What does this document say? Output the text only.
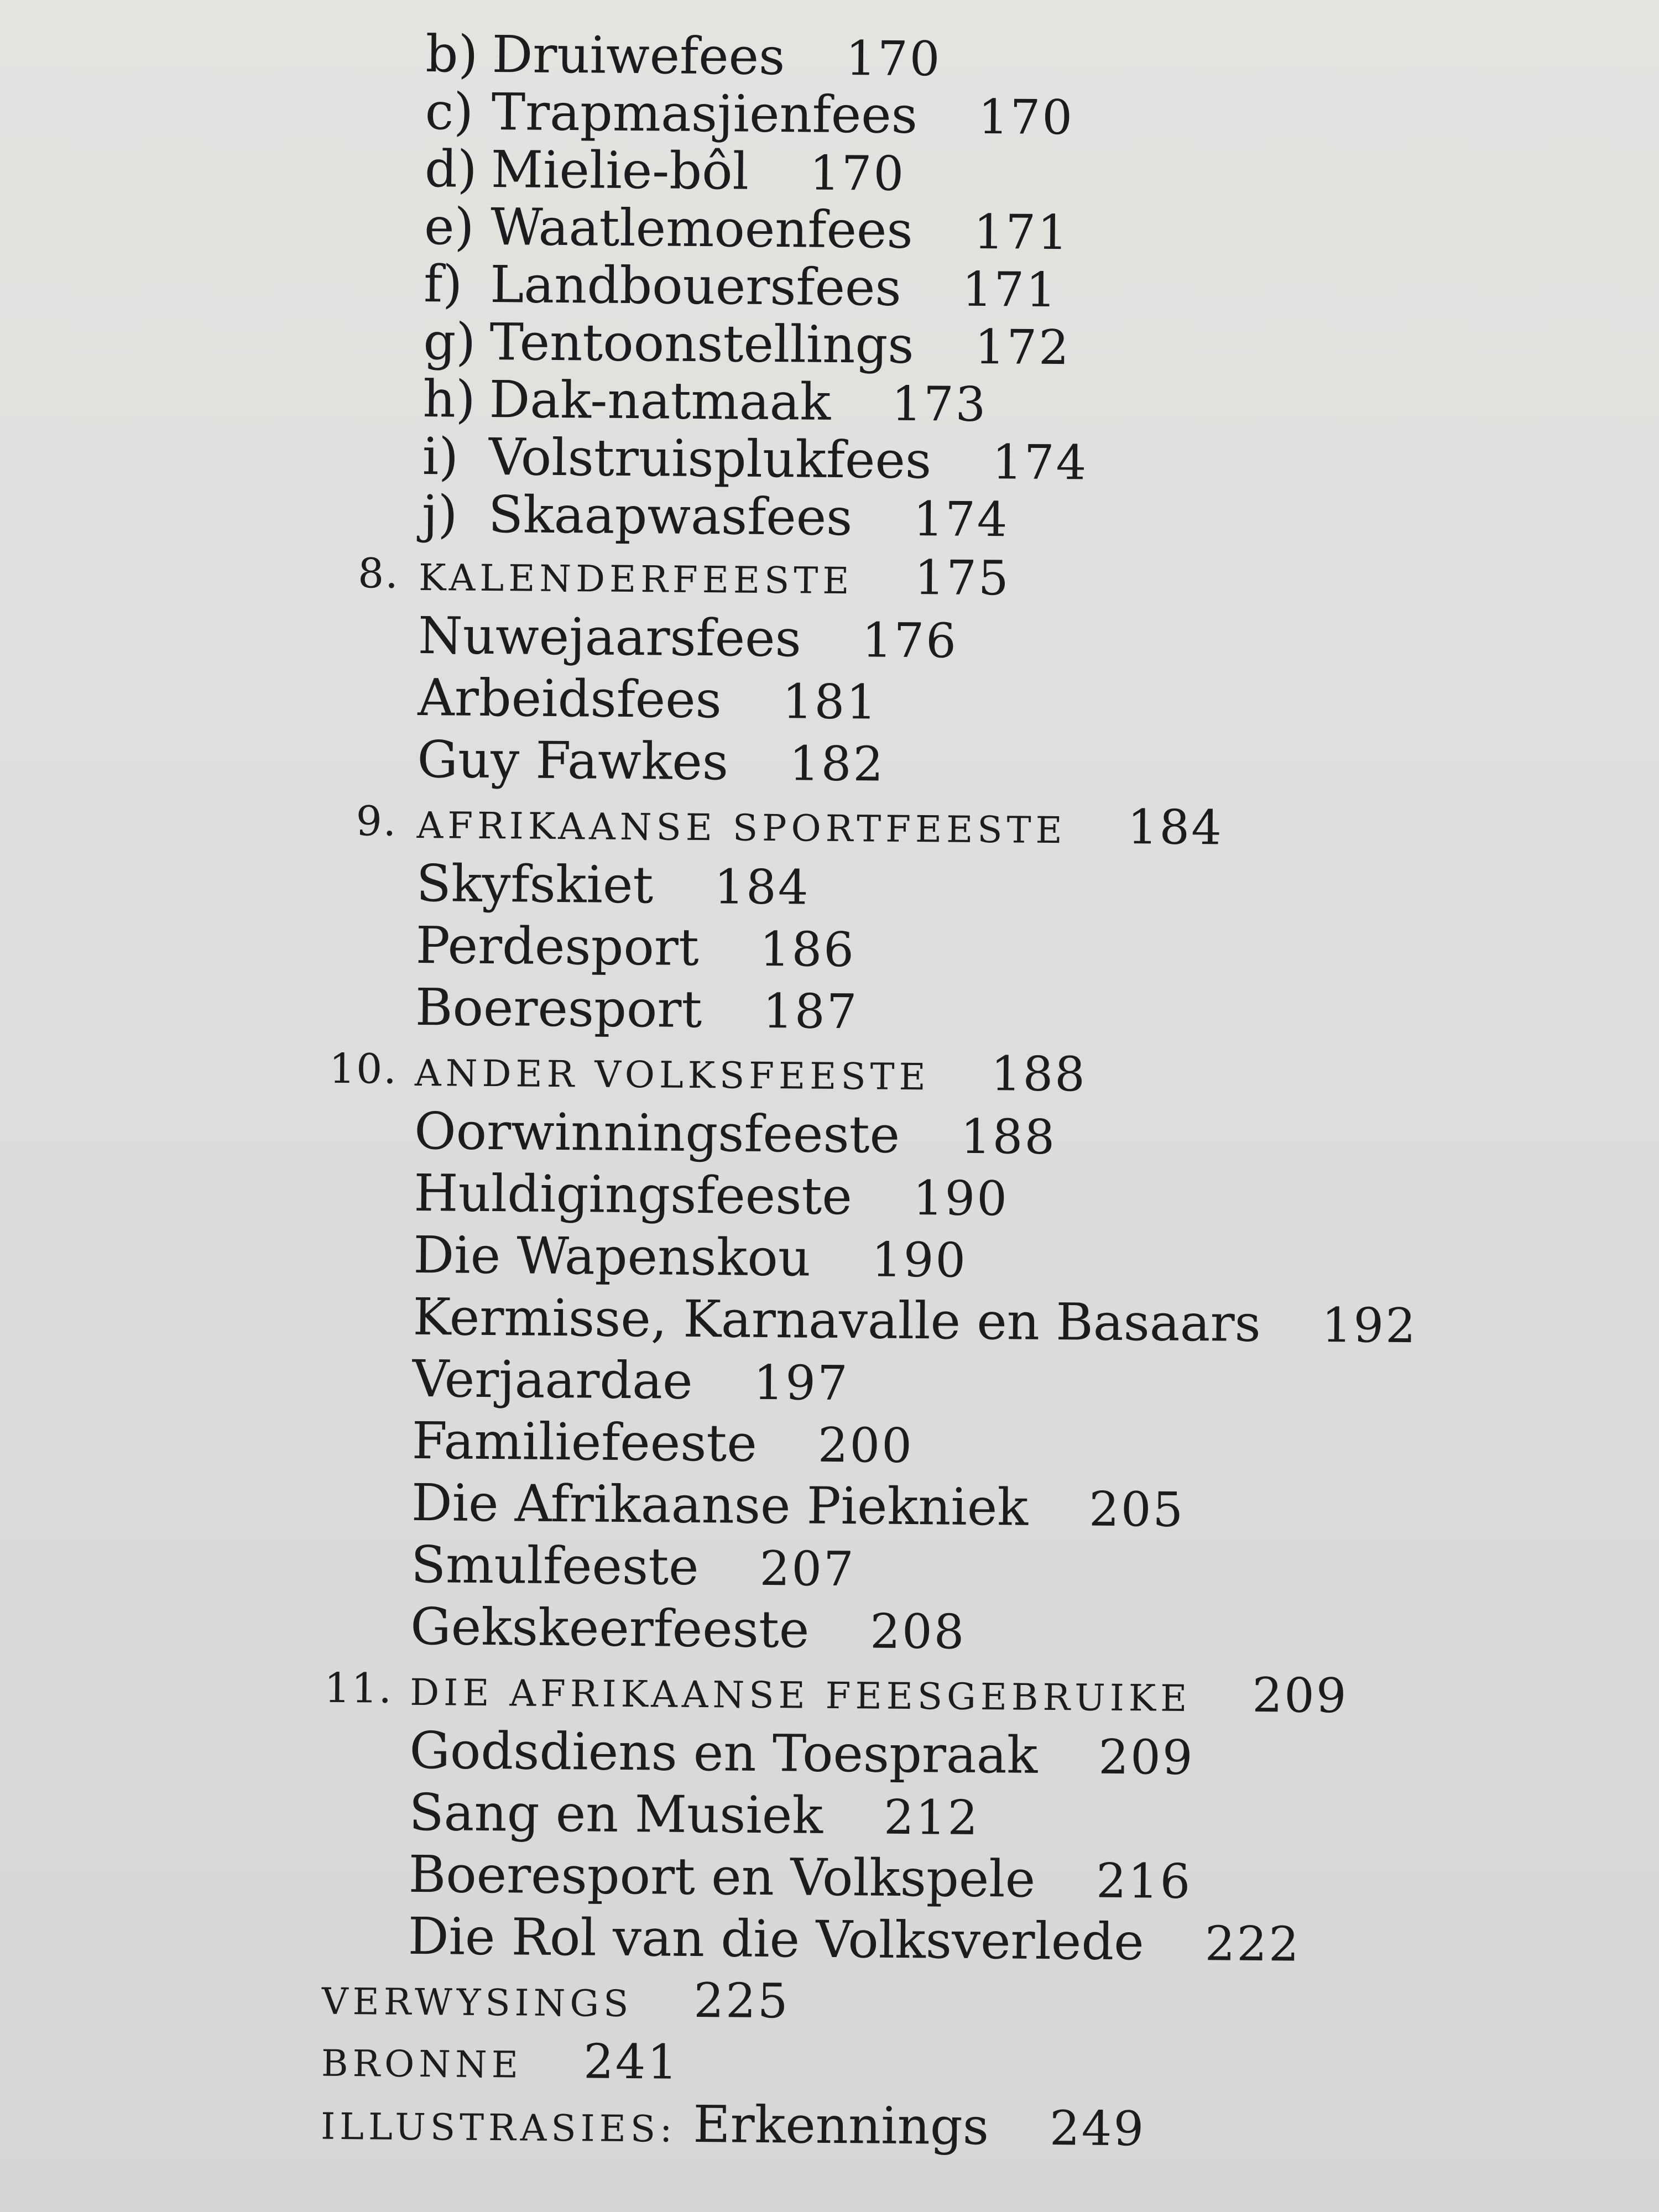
b) Druiwefees 170
c) Trapmasjienfees 170
d) Mielie-bôl 170
e) Waatlemoenfees 171
f) Landbouersfees 171
g) Tentoonstellings 172
h) Dak-natmaak 173
i) Volstruisplukfees 174
j) Skaapwasfees 174
8. KALENDERFEESTE 175
Nuwejaarsfees 176
Arbeidsfees 181
Guy Fawkes 182
9. AFRIKAANSE SPORTFEESTE 184
Skyfskiet 184
Perdesport 186
Boeresport 187
10. ANDER VOLKSFEESTE 188
Oorwinningsfeeste 188
Huldigingsfeeste 190
Die Wapenskou 190
Kermisse, Karnavalle en Basaars 192
Verjaardae 197
Familiefeeste 200
Die Afrikaanse Piekniek 205
Smulfeeste 207
Gekskeerfeeste 208
11. DIE AFRIKAANSE FEESGEBRUIKE 209
Godsdiens en Toespraak 209
Sang en Musiek 212
Boeresport en Volkspele 216
Die Rol van die Volksverlede 222
VERWYSINGS 225
BRONNE 241
ILLUSTRASIES: Erkennings 249
